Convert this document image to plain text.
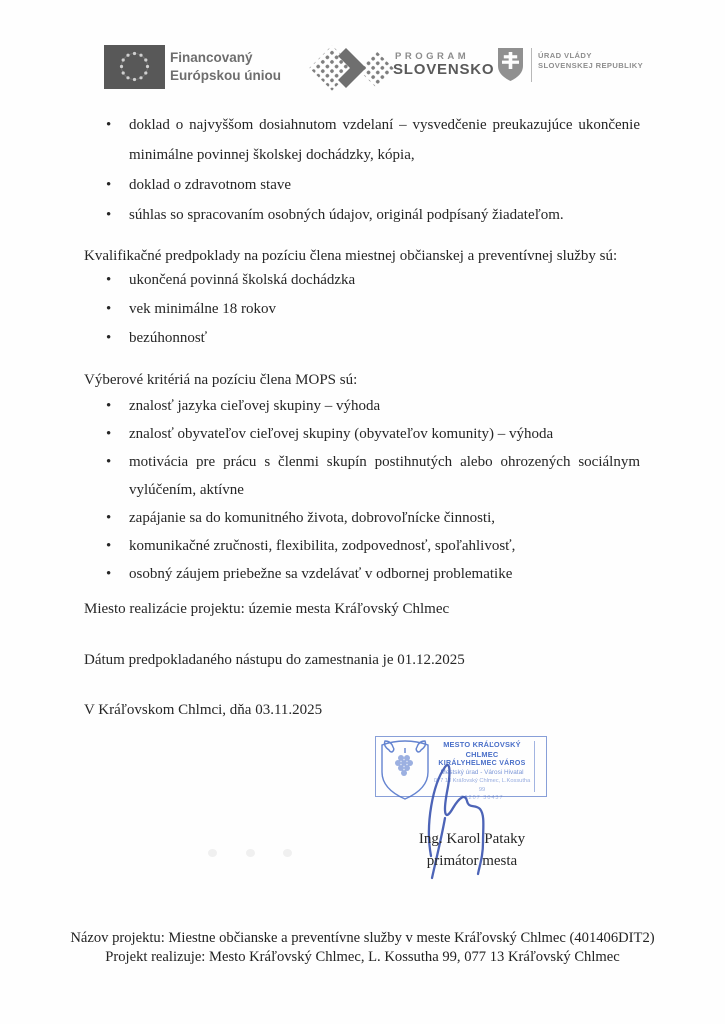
Financovaný
Európskou úniou
PROGRAM
SLOVENSKO
ÚRAD VLÁDY
SLOVENSKEJ REPUBLIKY
•	doklad o najvyššom dosiahnutom vzdelaní – vysvedčenie preukazujúce ukončenie minimálne povinnej školskej dochádzky, kópia,
•	doklad o zdravotnom stave
•	súhlas so spracovaním osobných údajov, originál podpísaný žiadateľom.
Kvalifikačné predpoklady na pozíciu člena miestnej občianskej a preventívnej služby sú:
•	ukončená povinná školská dochádzka
•	vek minimálne 18 rokov
•	bezúhonnosť
Výberové kritériá na pozíciu člena MOPS sú:
•	znalosť jazyka cieľovej skupiny – výhoda
•	znalosť obyvateľov cieľovej skupiny (obyvateľov komunity) – výhoda
•	motivácia pre prácu s členmi skupín postihnutých alebo ohrozených sociálnym vylúčením, aktívne
•	zapájanie sa do komunitného života, dobrovoľnícke činnosti,
•	komunikačné zručnosti, flexibilita, zodpovednosť, spoľahlivosť,
•	osobný záujem priebežne sa vzdelávať v odbornej problematike
Miesto realizácie projektu: územie mesta Kráľovský Chlmec
Dátum predpokladaného nástupu do zamestnania je 01.12.2025
V Kráľovskom Chlmci, dňa 03.11.2025
MESTO KRÁĽOVSKÝ CHLMEC
KIRÁLYHELMEC VÁROS
Mestský úrad - Városi Hivatal
077 13 Kráľovský Chlmec, L.Kossutha 99
76207 30437
Ing. Karol Pataky
primátor mesta
Názov projektu: Miestne občianske a preventívne služby v meste Kráľovský Chlmec (401406DIT2)
Projekt realizuje: Mesto Kráľovský Chlmec, L. Kossutha 99, 077 13 Kráľovský Chlmec
